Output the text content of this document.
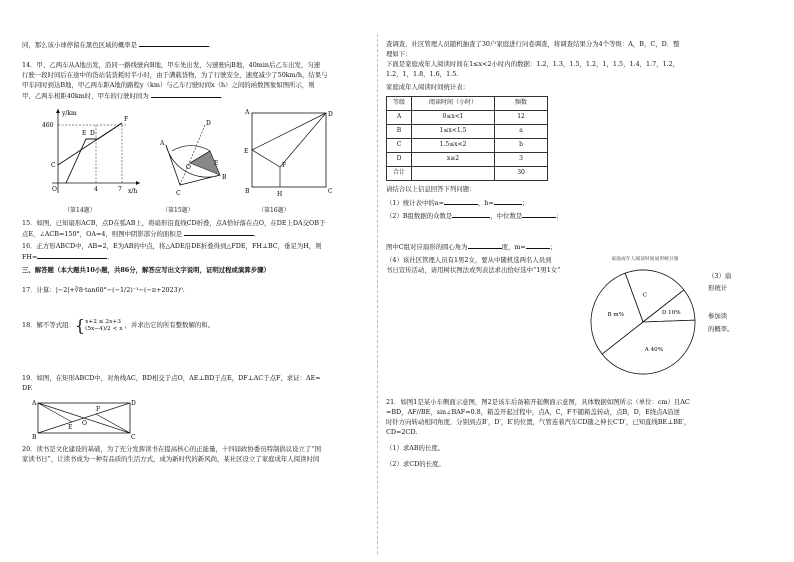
同，那么该小球停留在黑色区域的概率是	．

14．甲、乙两车从A地出发，沿同一路线驶向B地，甲车先出发，匀速驶向B地，40min后乙车出发，匀速
行驶一段时间后在途中的货站装货耗时半小时，由于满载货物，为了行驶安全，速度减少了50km/h，结果与
甲车同时到达B地，甲乙两车距A地的路程y（km）与乙车行驶时间x（h）之间的函数图象如图所示，则
甲、乙两车相距40km时，甲车的行驶时间为	．

y/km
x/h
460
O	4	7
C
D
E
F
（第14题）
A
B
C
D
E
O
（第15题）
A
B	C
D
E
F
H
（第16题）

15．如图，已知扇形ACB，点D在弧AB上，将扇形沿直线CD折叠，点A恰好落在点O，在DE上DA交OB于
点E，∠ACB=150°，OA=4，则图中阴影部分的面积是	．

16．正方形ABCD中，AB=2，E为AB的中点，将△ADE沿DE折叠得到△FDE，FH⊥BC，垂足为H，则
FH=	．

三、解答题（本大题共10小题，共86分，解答应写出文字说明，证明过程或演算步骤）

17．计算：|−2|+∛8·tan60°−(−1/2)⁻¹−(−π+2023)⁰.

18．解不等式组： { x+2 ≤ 2x+3
(5x−4)/2 < x ，并求出它的所有整数解的和。

19．如图，在矩形ABCD中，对角线AC，BD相交于点O，AE⊥BD于点E，DF⊥AC于点F，求证：AE=
DF.

A	D
B	C
E
F
O

20．读书是文化建设的基础，为了充分发挥读书在提高核心的正能量，十四届政协委员特制倡议设立了“国
家读书日”，让读书成为一种有品质的生活方式，成为新时代的新风尚，某社区设立了家庭成年人阅读时间

查调查，社区管理人员随机抽查了30户家庭进行问卷调查，将调查结果分为4个等级：A，B，C，D．整
理如下：
下面是家庭成年人阅读时间在1≤x<2小时内的数据：1.2，1.3，1.5，1.2，1，1.5，1.4，1.7，1.2，
1.2，1，1.8，1.6，1.5.

家庭成年人阅读时间统计表：

等级	阅读时间（小时）	频数
A	0≤x<1	12
B	1≤x<1.5	a
C	1.5≤x<2	b
D	x≥2	3
合计		30

请结合以上信息回答下列问题：

（1）统计表中的a=	，b=	；

（2）B组数据的众数是	，中位数是	；

图中C组对应扇形的圆心角为	度，m=	；

（4）该社区管理人员有1男2女，要从中随机选两名人员到
书日宣传活动，请用树状图法或列表法求出恰好选中“1男1女”

21．如图1是某小车侧面示意图，图2是该车后备箱开起侧面示意图，具体数据如图所示（单位：cm）且AC
=BD，AF//BE，sin∠BAF=0.8，箱盖开起过程中，点A，C，F不随箱盖转动，点B，D，E绕点A沿逆
时针方向转动相同角度，分别到点B′，D′，E′的位置，气管连着汽车CD随之伸长C′D′，已知直线BE⊥BE′，
CD=2CD.

（1）求AB的长度。

（2）求CD的长度。

家庭成年人阅读时间扇形统计图
C
D 10%
A 40%
B m%
（3）扇
形统计
参加读
的概率。
